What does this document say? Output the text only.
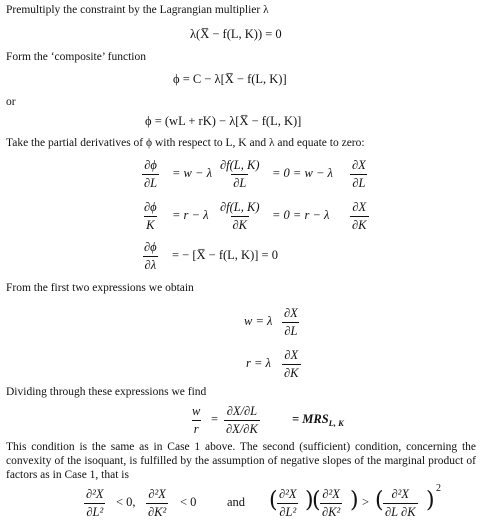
Premultiply the constraint by the Lagrangian multiplier λ
λ(X̅ − f(L, K)) = 0
Form the ‘composite’ function
ϕ = C − λ[X̅ − f(L, K)]
or
ϕ = (wL + rK) − λ[X̅ − f(L, K)]
Take the partial derivatives of ϕ with respect to L, K and λ and equate to zero:
$\frac{\partial\phi}{\partial L} = w - \lambda \frac{\partial f(L, K)}{\partial L} = 0 = w - \lambda \frac{\partial X}{\partial L}$
$\frac{\partial\phi}{K} = r - \lambda \frac{\partial f(L, K)}{\partial K} = 0 = r - \lambda \frac{\partial X}{\partial K}$
$\frac{\partial\phi}{\partial\lambda}$ = − [X̅ − f(L, K)] = 0
From the first two expressions we obtain
w = λ $\frac{\partial X}{\partial L}$
r = λ $\frac{\partial X}{\partial K}$
Dividing through these expressions we find
$\frac{w}{r} = \frac{\partial X/\partial L}{\partial X/\partial K}$	= $MRS_{L, K}$
This condition is the same as in Case 1 above. The second (sufficient) condition, concerning the convexity of the isoquant, is fulfilled by the assumption of negative slopes of the marginal product of factors as in Case 1, that is
$\frac{\text{∂²X}}{\text{∂L²}} < 0$, $\frac{\text{∂²X}}{\text{∂K²}} < 0$ and ( $\frac{\text{∂²X}}{\text{∂L²}}$ )
( $\frac{\text{∂²X}}{\text{∂K²}}$ ) > ( $\frac{\text{∂²X}}{\partial L \partial K}$ ) 2
